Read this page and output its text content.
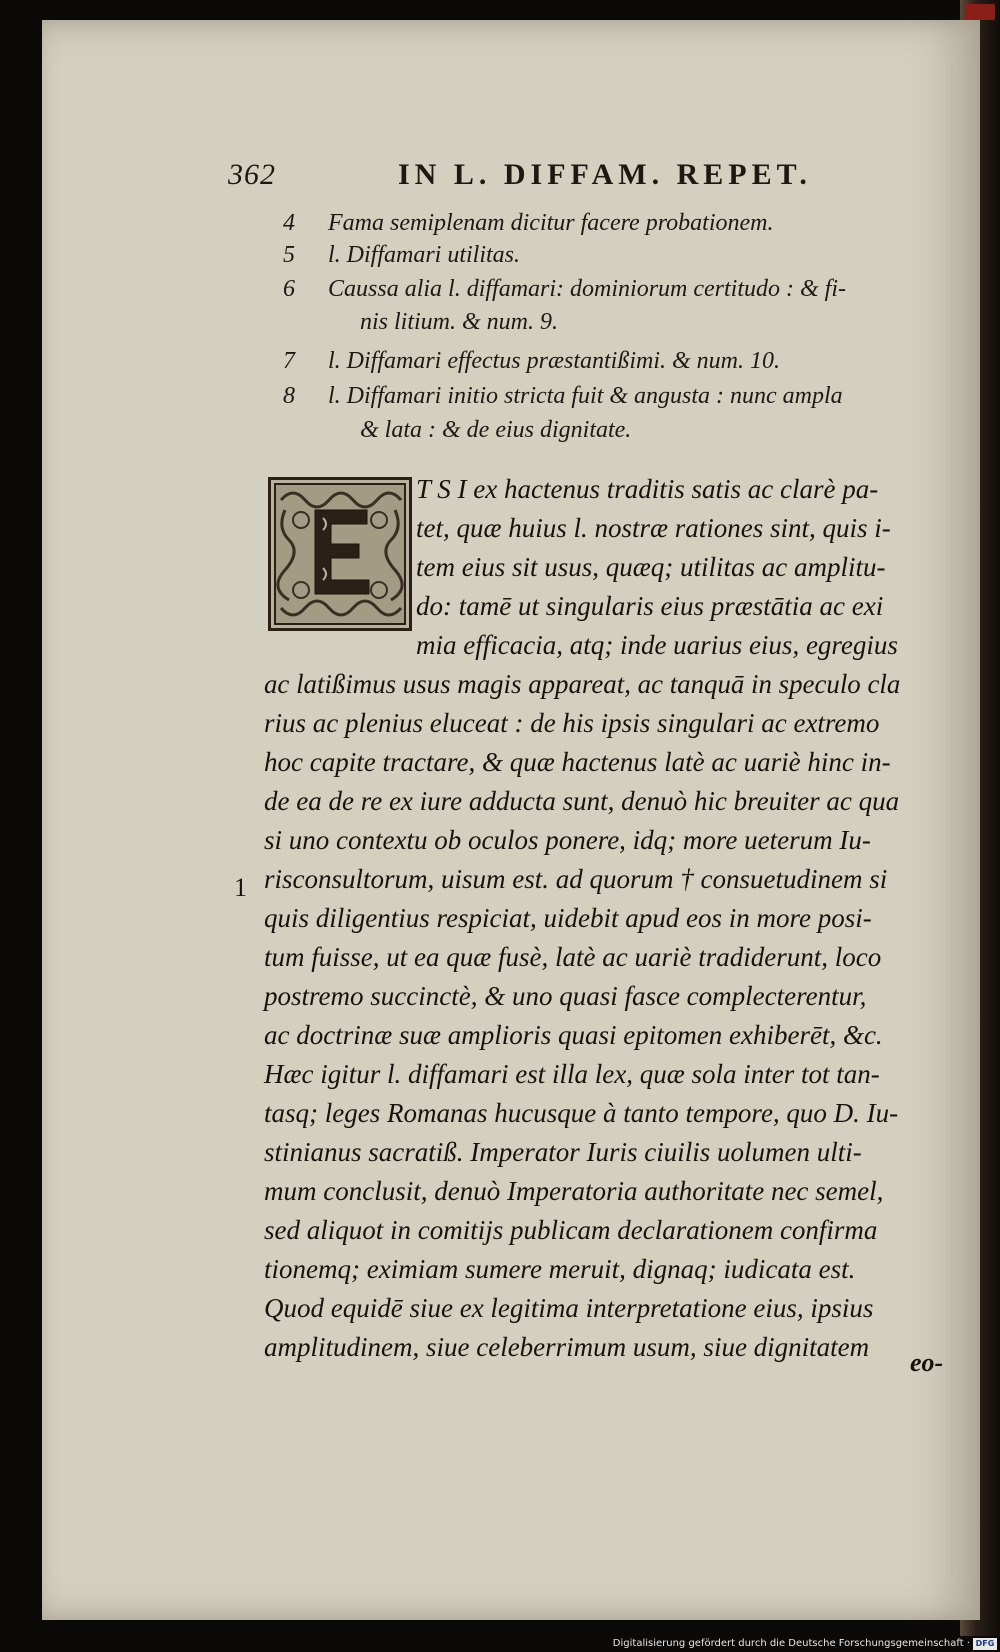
362	IN L. DIFFAM. REPET.
4 Fama semiplenam dicitur facere probationem.
5 l. Diffamari utilitas.
6 Caussa alia l. diffamari: dominiorum certitudo : & fi-
nis litium. & num. 9.
7 l. Diffamari effectus præstantißimi. & num. 10.
8 l. Diffamari initio stricta fuit & angusta : nunc ampla
& lata : & de eius dignitate.
T S I ex hactenus traditis satis ac clarè pa-
tet, quæ huius l. nostræ rationes sint, quis i-
tem eius sit usus, quæq; utilitas ac amplitu-
do: tamē ut singularis eius præstātia ac exi
mia efficacia, atq; inde uarius eius, egregius
ac latißimus usus magis appareat, ac tanquā in speculo cla
rius ac plenius eluceat : de his ipsis singulari ac extremo
hoc capite tractare, & quæ hactenus latè ac uariè hinc in-
de ea de re ex iure adducta sunt, denuò hic breuiter ac qua
si uno contextu ob oculos ponere, idq; more ueterum Iu-
risconsultorum, uisum est. ad quorum † consuetudinem si
quis diligentius respiciat, uidebit apud eos in more posi-
tum fuisse, ut ea quæ fusè, latè ac uariè tradiderunt, loco
postremo succinctè, & uno quasi fasce complecterentur,
ac doctrinæ suæ amplioris quasi epitomen exhiberēt, &c.
Hæc igitur l. diffamari est illa lex, quæ sola inter tot tan-
tasq; leges Romanas hucusque à tanto tempore, quo D. Iu-
stinianus sacratiß. Imperator Iuris ciuilis uolumen ulti-
mum conclusit, denuò Imperatoria authoritate nec semel,
sed aliquot in comitijs publicam declarationem confirma
tionemq; eximiam sumere meruit, dignaq; iudicata est.
Quod equidē siue ex legitima interpretatione eius, ipsius
amplitudinem, siue celeberrimum usum, siue dignitatem
1
eo-
Digitalisierung gefördert durch die Deutsche Forschungsgemeinschaft · DFG
